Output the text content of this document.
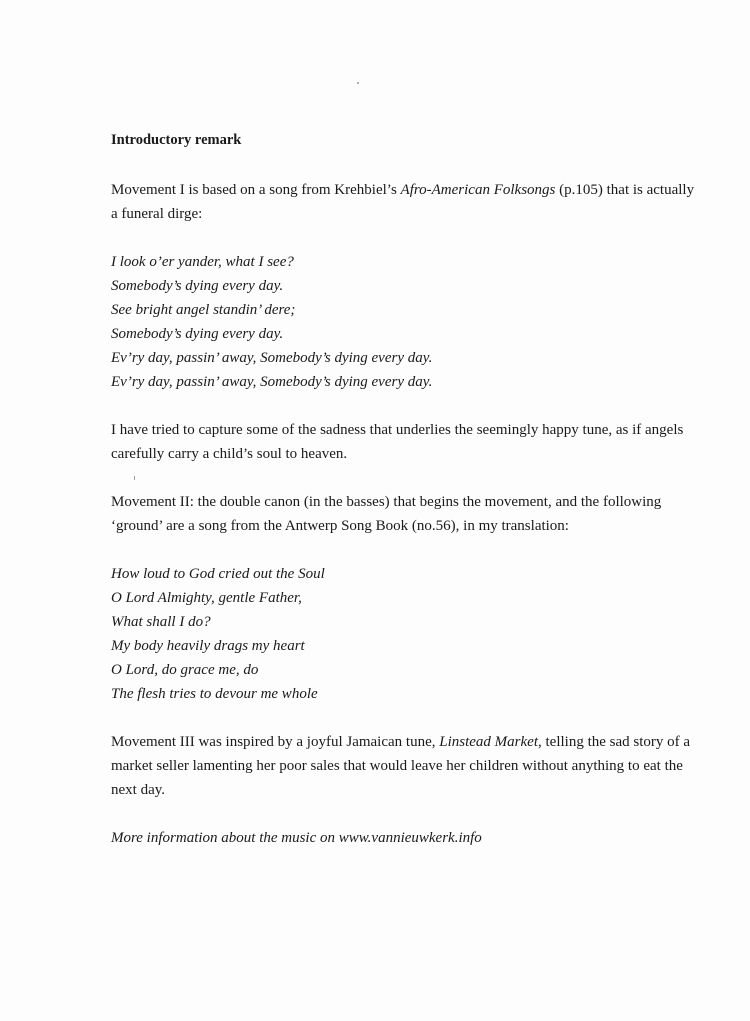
Introductory remark

Movement I is based on a song from Krehbiel’s Afro-American Folksongs (p.105) that is actually a funeral dirge:

I look o’er yander, what I see?
Somebody’s dying every day.
See bright angel standin’ dere;
Somebody’s dying every day.
Ev’ry day, passin’ away, Somebody’s dying every day.
Ev’ry day, passin’ away, Somebody’s dying every day.

I have tried to capture some of the sadness that underlies the seemingly happy tune, as if angels carefully carry a child’s soul to heaven.

Movement II: the double canon (in the basses) that begins the movement, and the following ‘ground’ are a song from the Antwerp Song Book (no.56), in my translation:

How loud to God cried out the Soul
O Lord Almighty, gentle Father,
What shall I do?
My body heavily drags my heart
O Lord, do grace me, do
The flesh tries to devour me whole

Movement III was inspired by a joyful Jamaican tune, Linstead Market, telling the sad story of a market seller lamenting her poor sales that would leave her children without anything to eat the next day.

More information about the music on www.vannieuwkerk.info
